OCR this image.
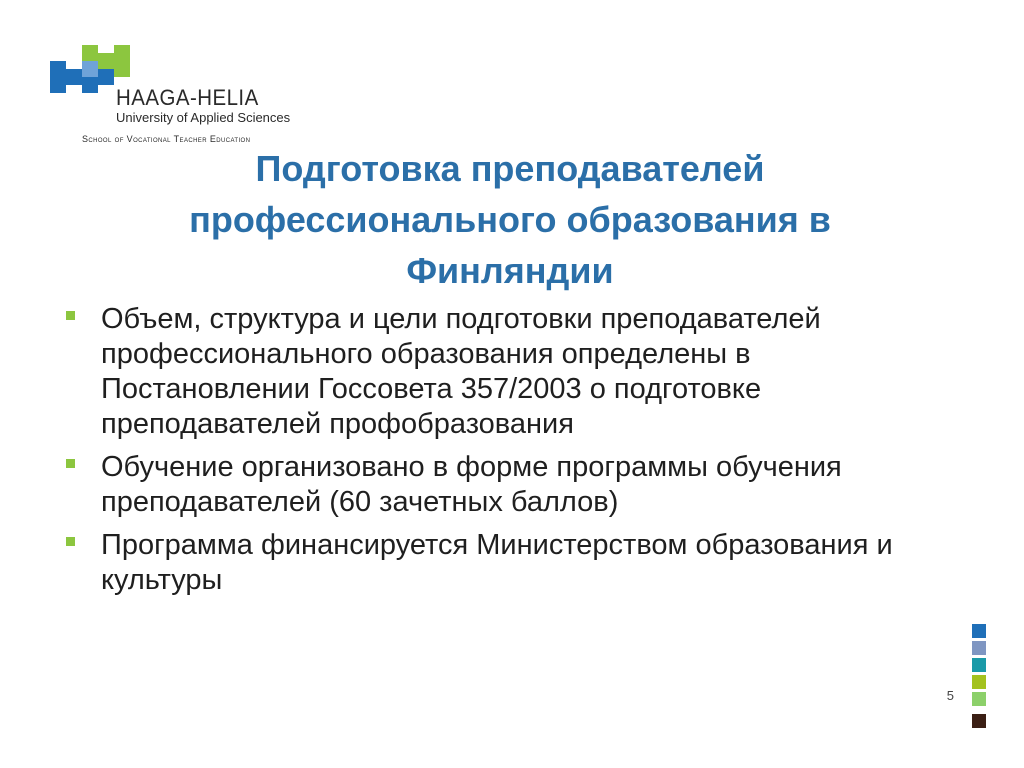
HAAGA-HELIA
University of Applied Sciences
School of Vocational Teacher Education
Подготовка преподавателей
профессионального образования в
Финляндии
Объем, структура и цели подготовки преподавателей профессионального образования определены в Постановлении Госсовета 357/2003 о подготовке преподавателей профобразования
Обучение организовано в форме программы обучения преподавателей (60 зачетных баллов)
Программа финансируется Министерством образования и культуры
5
